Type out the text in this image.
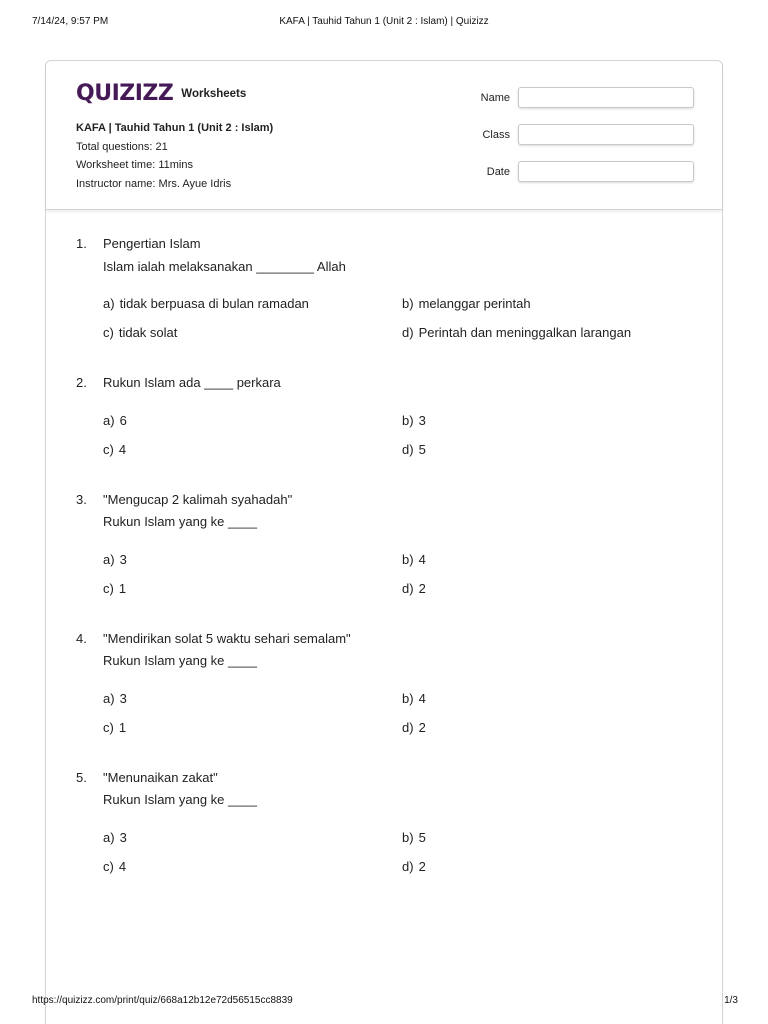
7/14/24, 9:57 PM	KAFA | Tauhid Tahun 1 (Unit 2 : Islam) | Quizizz
QUIZIZZ Worksheets
KAFA | Tauhid Tahun 1 (Unit 2 : Islam)
Total questions: 21
Worksheet time: 11mins
Instructor name: Mrs. Ayue Idris
Name
Class
Date
1.	Pengertian Islam
Islam ialah melaksanakan ________ Allah
a) tidak berpuasa di bulan ramadan	b) melanggar perintah
c) tidak solat	d) Perintah dan meninggalkan larangan
2.	Rukun Islam ada ____ perkara
a) 6	b) 3
c) 4	d) 5
3.	"Mengucap 2 kalimah syahadah"
Rukun Islam yang ke ____
a) 3	b) 4
c) 1	d) 2
4.	"Mendirikan solat 5 waktu sehari semalam"
Rukun Islam yang ke ____
a) 3	b) 4
c) 1	d) 2
5.	"Menunaikan zakat"
Rukun Islam yang ke ____
a) 3	b) 5
c) 4	d) 2
https://quizizz.com/print/quiz/668a12b12e72d56515cc8839	1/3
